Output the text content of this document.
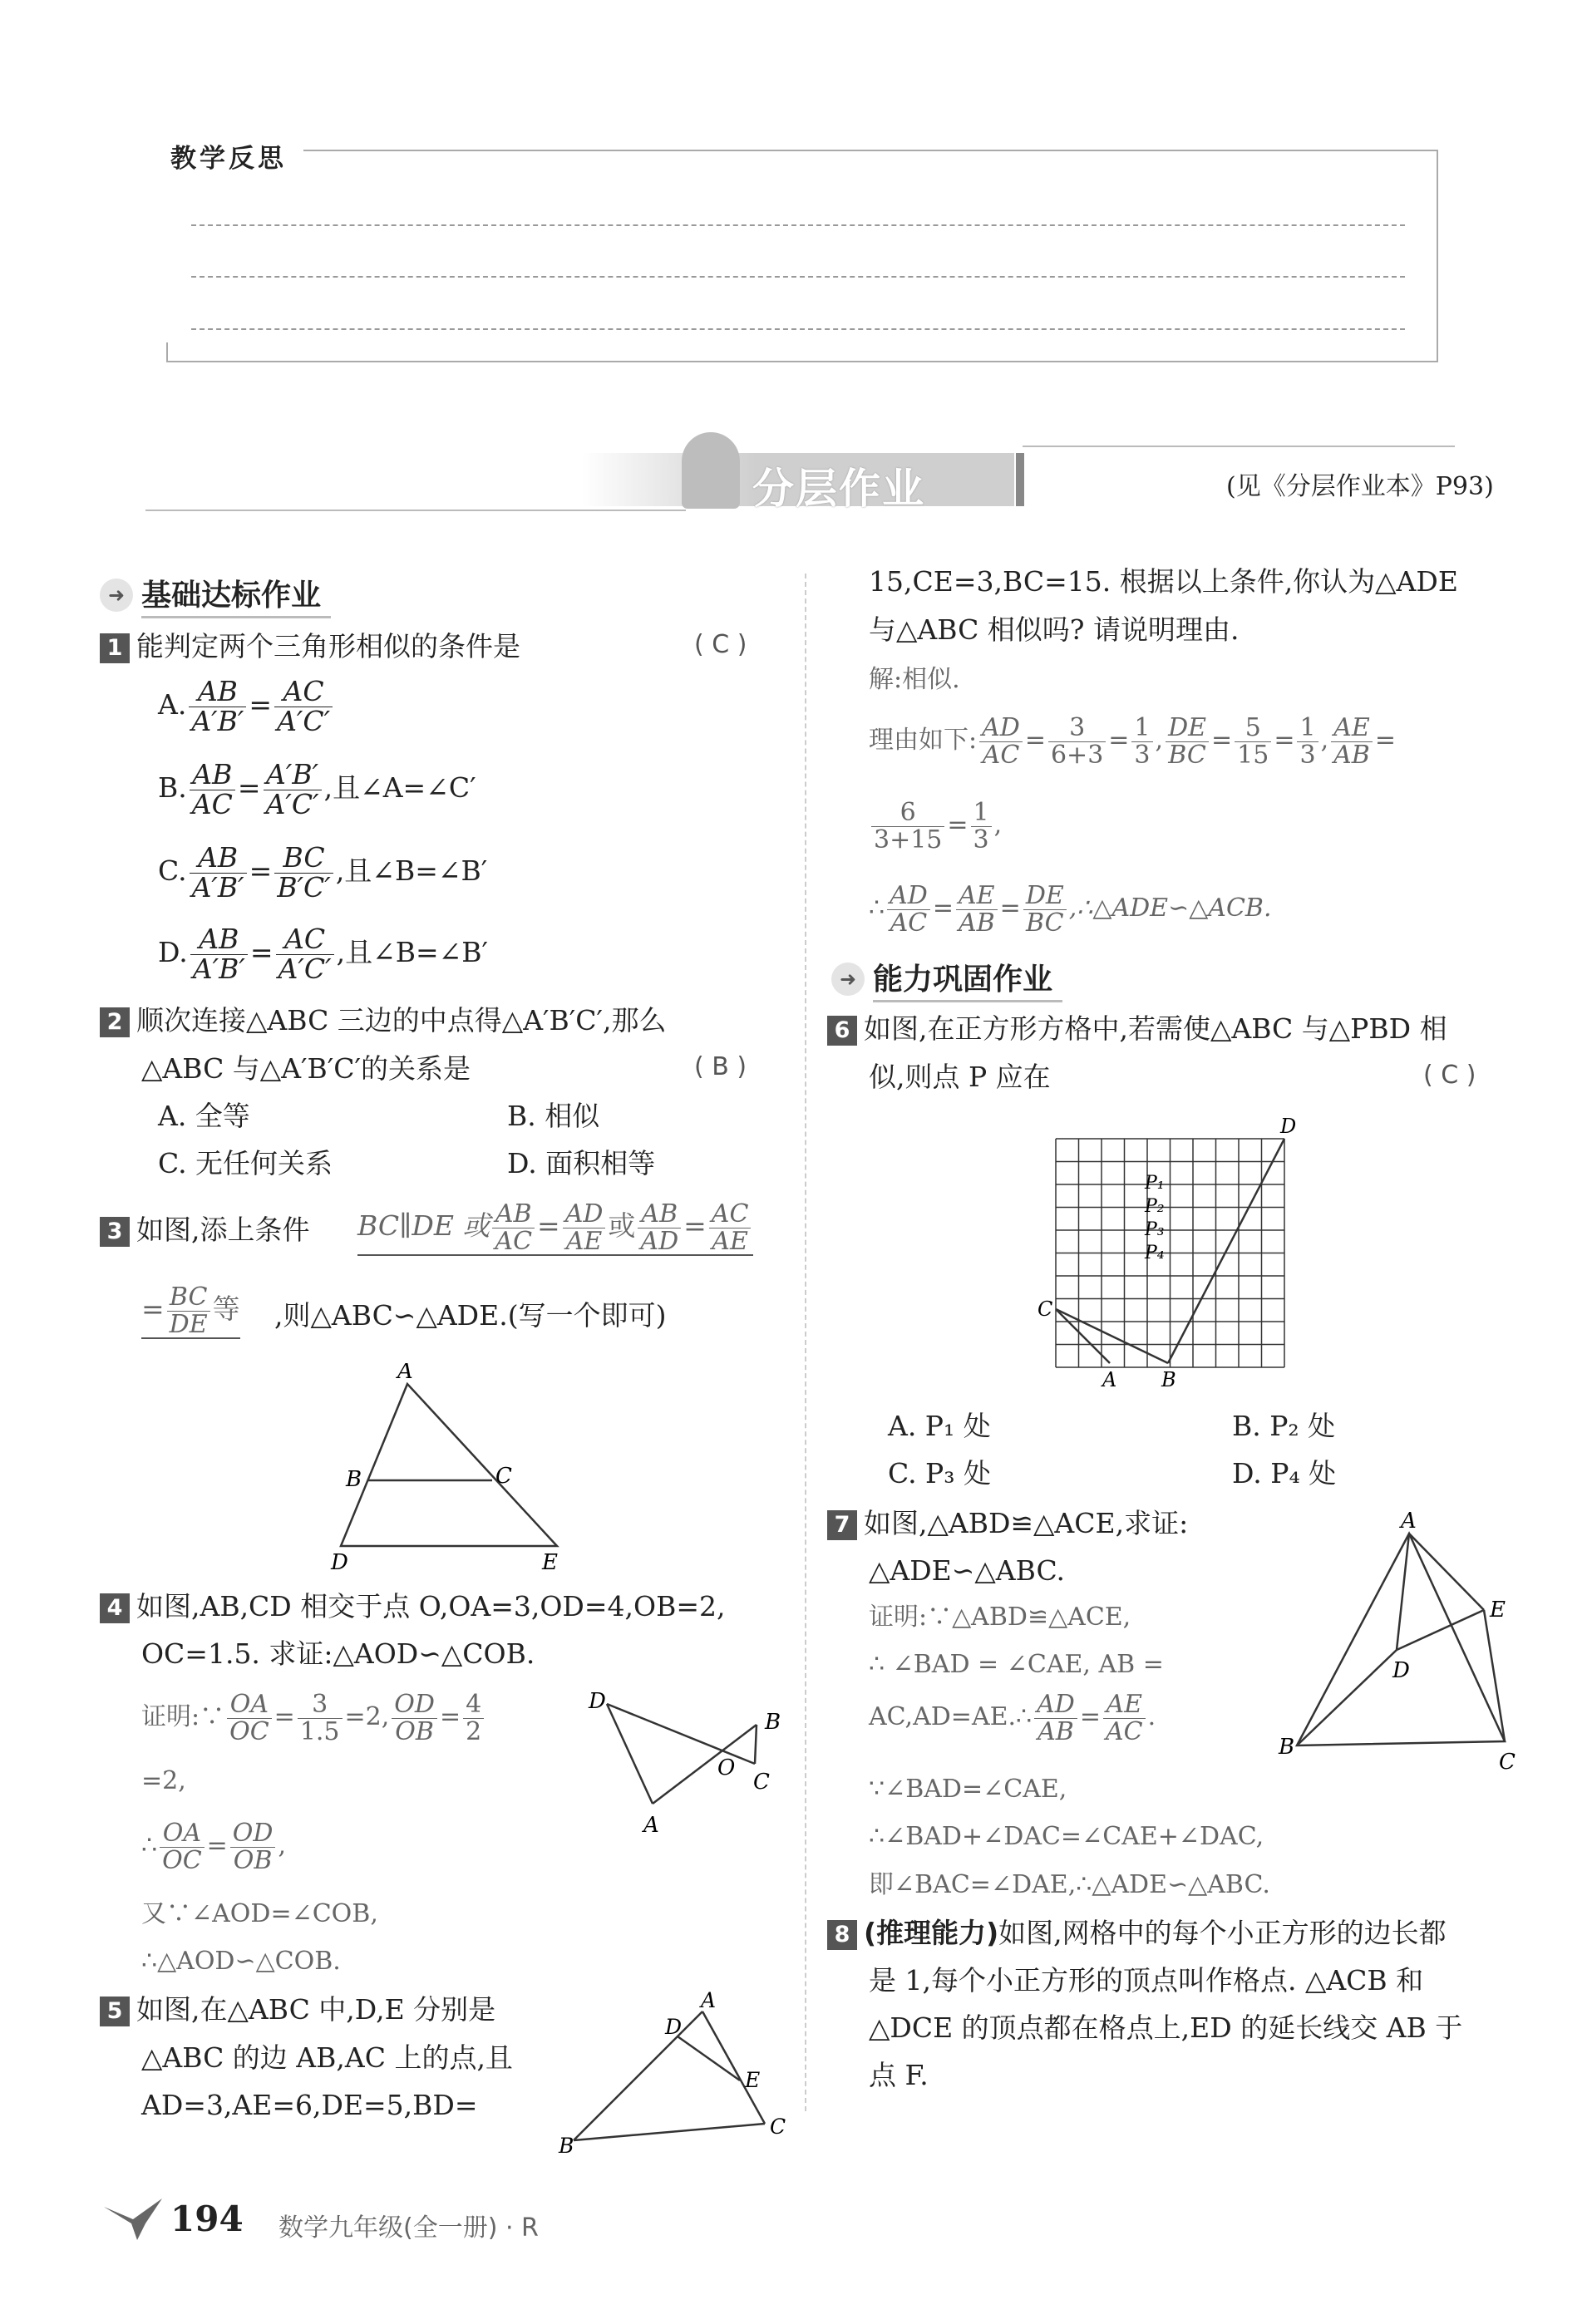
教学反思
分层作业	(见《分层作业本》P93)
➜ 基础达标作业
1 能判定两个三角形相似的条件是	( C )
A. $\frac{AB}{A'B'} = \frac{AC}{A'C'}$
B. $\frac{AB}{AC} = \frac{A'B'}{A'C'}$ ,且∠A=∠C′
C. $\frac{AB}{A'B'} = \frac{BC}{B'C'}$ ,且∠B=∠B′
D. $\frac{AB}{A'B'} = \frac{AC}{A'C'}$ ,且∠B=∠B′
2 顺次连接△ABC 三边的中点得△A′B′C′,那么
△ABC 与△A′B′C′的关系是	( B )
A. 全等	B. 相似
C. 无任何关系	D. 面积相等
3 如图,添上条件 BC∥DE 或 $\frac{AB}{AC} = \frac{AD}{AE}$ 或 $\frac{AB}{AD} = \frac{AC}{AE}$
= $\frac{BC}{DE}$ 等 ,则△ABC∽△ADE.(写一个即可)
A
B	C
D	E
4 如图,AB,CD 相交于点 O,OA=3,OD=4,OB=2,
OC=1.5. 求证:△AOD∽△COB.
证明:∵ $\frac{OA}{OC} = \frac{3}{1.5} =2$, $\frac{OD}{OB} = \frac{4}{2}$
=2,
∴ $\frac{OA}{OC} = \frac{OD}{OB}$ ,
又∵∠AOD=∠COB,
∴△AOD∽△COB.
D
B
O
C
A
5 如图,在△ABC 中,D,E 分别是
△ABC 的边 AB,AC 上的点,且
AD=3,AE=6,DE=5,BD=
A
D
E
B
C
15,CE=3,BC=15. 根据以上条件,你认为△ADE
与△ABC 相似吗? 请说明理由.
解:相似.
理由如下: $\frac{AD}{AC} = \frac{3}{6+3} = \frac{1}{3}$ , $\frac{DE}{BC} = \frac{5}{15} = \frac{1}{3}$ , $\frac{AE}{AB}$ =
$\frac{6}{3+15} = \frac{1}{3}$ ,
∴ $\frac{AD}{AC} = \frac{AE}{AB} = \frac{DE}{BC}$ ,∴△ADE∽△ACB.
➜ 能力巩固作业
6 如图,在正方形方格中,若需使△ABC 与△PBD 相
似,则点 P 应在	( C )
D
C
A B
P₁
P₂
P₃
P₄
A. P₁ 处	B. P₂ 处
C. P₃ 处	D. P₄ 处
7 如图,△ABD≌△ACE,求证:
△ADE∽△ABC.
证明:∵△ABD≌△ACE,
∴ ∠BAD = ∠CAE, AB =
AC,AD=AE.∴ $\frac{AD}{AB} = \frac{AE}{AC}$ .
∵∠BAD=∠CAE,
∴∠BAD+∠DAC=∠CAE+∠DAC,
即∠BAC=∠DAE,∴△ADE∽△ABC.
A
E
D
B
C
8 (推理能力)如图,网格中的每个小正方形的边长都
是 1,每个小正方形的顶点叫作格点. △ACB 和
△DCE 的顶点都在格点上,ED 的延长线交 AB 于
点 F.
194 数学九年级(全一册) · R
